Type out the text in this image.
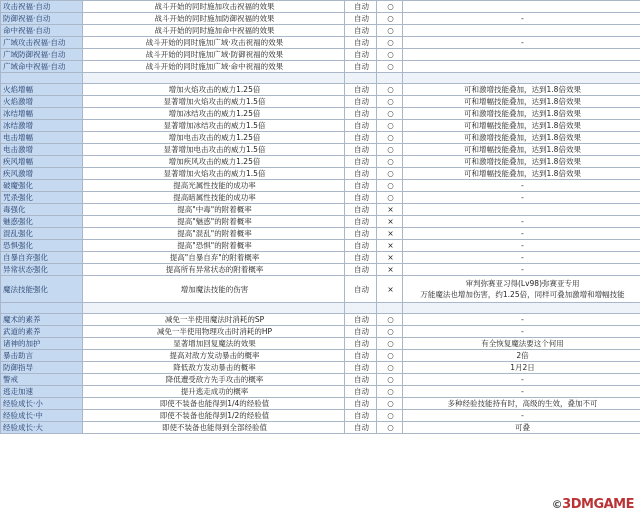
攻击祝福·自动	战斗开始的同时施加攻击祝福的效果	自动	○	
防御祝福·自动	战斗开始的同时施加防御祝福的效果	自动	○	-
命中祝福·自动	战斗开始的同时施加命中祝福的效果	自动	○	
广域攻击祝福·自动	战斗开始的同时施加广域·攻击祝福的效果	自动	○	-
广域防御祝福·自动	战斗开始的同时施加广域·防御祝福的效果	自动	○	
广域命中祝福·自动	战斗开始的同时施加广域·命中祝福的效果	自动	○	

火焰增幅	增加火焰攻击的威力1.25倍	自动	○	可和激增技能叠加，达到1.8倍效果
火焰激增	显著增加火焰攻击的威力1.5倍	自动	○	可和增幅技能叠加，达到1.8倍效果
冰结增幅	增加冰结攻击的威力1.25倍	自动	○	可和激增技能叠加，达到1.8倍效果
冰结激增	显著增加冰结攻击的威力1.5倍	自动	○	可和增幅技能叠加，达到1.8倍效果
电击增幅	增加电击攻击的威力1.25倍	自动	○	可和激增技能叠加，达到1.8倍效果
电击激增	显著增加电击攻击的威力1.5倍	自动	○	可和增幅技能叠加，达到1.8倍效果
疾风增幅	增加疾风攻击的威力1.25倍	自动	○	可和激增技能叠加，达到1.8倍效果
疾风激增	显著增加火焰攻击的威力1.5倍	自动	○	可和增幅技能叠加，达到1.8倍效果
破魔强化	提高光属性技能的成功率	自动	○	-
咒杀强化	提高暗属性技能的成功率	自动	○	-
毒强化	提高"中毒"的附着概率	自动	×	
魅惑强化	提高"魅惑"的附着概率	自动	×	-
混乱强化	提高"混乱"的附着概率	自动	×	-
恐惧强化	提高"恐惧"的附着概率	自动	×	-
自暴自弃强化	提高"自暴自弃"的附着概率	自动	×	-
异常状态强化	提高所有异常状态的附着概率	自动	×	-
魔法技能强化	增加魔法技能的伤害	自动	×	审判弥赛亚习得(Lv98)弥赛亚专用
万能魔法也增加伤害，约1.25倍，同样可叠加激增和增幅技能

魔术的素养	减免一半使用魔法时消耗的SP	自动	○	-
武道的素养	减免一半使用物理攻击时消耗的HP	自动	○	-
诸神的加护	显著增加回复魔法的效果	自动	○	有全恢复魔法要这个何用
暴击助言	提高对敌方发动暴击的概率	自动	○	2倍
防御指导	降低敌方发动暴击的概率	自动	○	1月2日
警戒	降低遭受敌方先手攻击的概率	自动	○	-
逃走加速	提升逃走成功的概率	自动	○	-
经验成长·小	即使不装备也能得到1/4的经验值	自动	○	多种经验技能持有时，高级的生效，叠加不可
经验成长·中	即使不装备也能得到1/2的经验值	自动	○	-
经验成长·大	即使不装备也能得到全部经验值	自动	○	可叠
©3DMGAME
